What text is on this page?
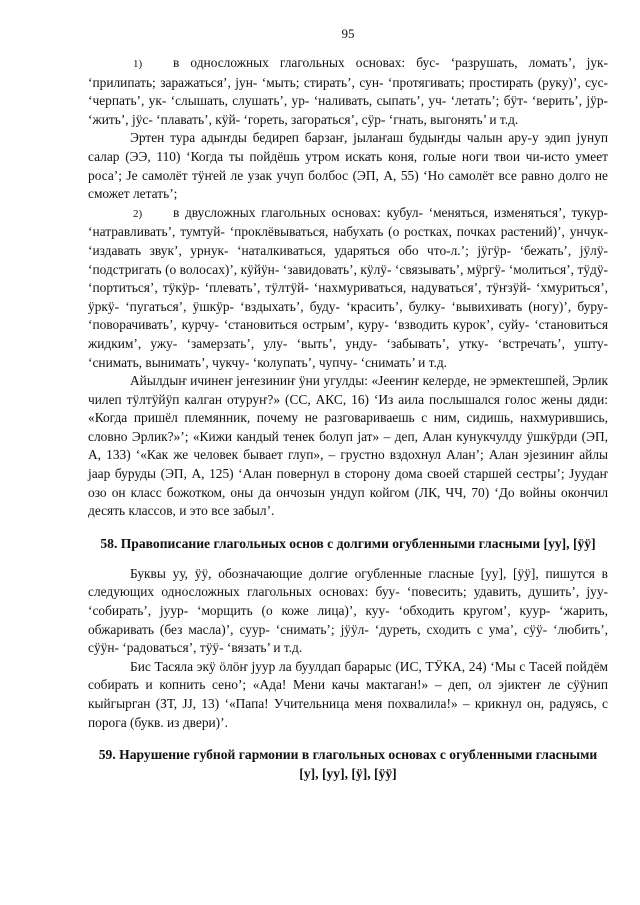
95

1) в односложных глагольных основах: бус- ‘разрушать, ломать’, јук- ‘прилипать; заражаться’, јун- ‘мыть; стирать’, сун- ‘протягивать; простирать (руку)’, сус- ‘черпать’, ук- ‘слышать, слушать’, ур- ‘наливать, сыпать’, уч- ‘летать’; бӱт- ‘верить’, јӱр- ‘жить’, јӱс- ‘плавать’, кӱй- ‘гореть, загораться’, сӱр- ‘гнать, выгонять’ и т.д.

Эртен тура адыҥды бедиреп барзаҥ, јылаҥаш будыҥды чалын ару-у эдип јунуп салар (ЭЭ, 110) ‘Когда ты пойдёшь утром искать коня, голые ноги твои чи-исто умеет роса’; Je самолёт тӱҥей ле узак учуп болбос (ЭП, А, 55) ‘Но самолёт все равно долго не сможет летать’;

2) в двусложных глагольных основах: кубул- ‘меняться, изменяться’, тукур- ‘натравливать’, тумтуй- ‘проклёвываться, набухать (о ростках, почках растений)’, унчук- ‘издавать звук’, урнук- ‘наталкиваться, ударяться обо что-л.’; јӱгӱр- ‘бежать’, јӱлӱ- ‘подстригать (о волосах)’, кӱйӱн- ‘завидовать’, кӱлӱ- ‘связывать’, мӱргӱ- ‘молиться’, тӱдӱ- ‘портиться’, тӱкӱр- ‘плевать’, тӱлтӱй- ‘нахмуриваться, надуваться’, тӱҥзӱй- ‘хмуриться’, ӱркӱ- ‘пугаться’, ӱшкӱр- ‘вздыхать’, буду- ‘красить’, булку- ‘вывихивать (ногу)’, буру- ‘поворачивать’, курчу- ‘становиться острым’, куру- ‘взводить курок’, суйу- ‘становиться жидким’, ужу- ‘замерзать’, улу- ‘выть’, унду- ‘забывать’, утку- ‘встречать’, ушту- ‘снимать, вынимать’, чукчу- ‘колупать’, чупчу- ‘снимать’ и т.д.

Айылдыҥ ичинеҥ јеҥезиниҥ ӱни угулды: «Јееҥиҥ келерде, не эрмектешпей, Эрлик чилеп тӱлтӱйӱп калган отуруҥ?» (СС, АКС, 16) ‘Из аила послышался голос жены дяди: «Когда пришёл племянник, почему не разговариваешь с ним, сидишь, нахмурившись, словно Эрлик?»’; «Кижи кандый тенек болуп јат» – деп, Алан кунукчулду ӱшкӱрди (ЭП, А, 133) ‘«Как же человек бывает глуп», – грустно вздохнул Алан’; Алан эјезиниҥ айлы јаар буруды (ЭП, А, 125) ‘Алан повернул в сторону дома своей старшей сестры’; Јуудаҥ озо он класс божотком, оны да ончозын ундуп койгом (ЛК, ЧЧ, 70) ‘До войны окончил десять классов, и это все забыл’.

58. Правописание глагольных основ с долгими огубленными гласными [уу], [ӱӱ]

Буквы уу, ӱӱ, обозначающие долгие огубленные гласные [уу], [ӱӱ], пишутся в следующих односложных глагольных основах: буу- ‘повесить; удавить, душить’, јуу- ‘собирать’, јуур- ‘морщить (о коже лица)’, куу- ‘обходить кругом’, куур- ‘жарить, обжаривать (без масла)’, суур- ‘снимать’; јӱӱл- ‘дуреть, сходить с ума’, сӱӱ- ‘любить’, сӱӱн- ‘радоваться’, тӱӱ- ‘вязать’ и т.д.

Бис Тасяла экӱ ӧлӧҥ јуур ла буулдап барарыс (ИС, ТӰКА, 24) ‘Мы с Тасей пойдём собирать и копнить сено’; «Ада! Мени качы мактаган!» – деп, ол эјиктеҥ ле сӱӱнип кыйгырган (ЗТ, JJ, 13) ‘«Папа! Учительница меня похвалила!» – крикнул он, радуясь, с порога (букв. из двери)’.

59. Нарушение губной гармонии в глагольных основах с огубленными гласными [у], [уу], [ӱ], [ӱӱ]
